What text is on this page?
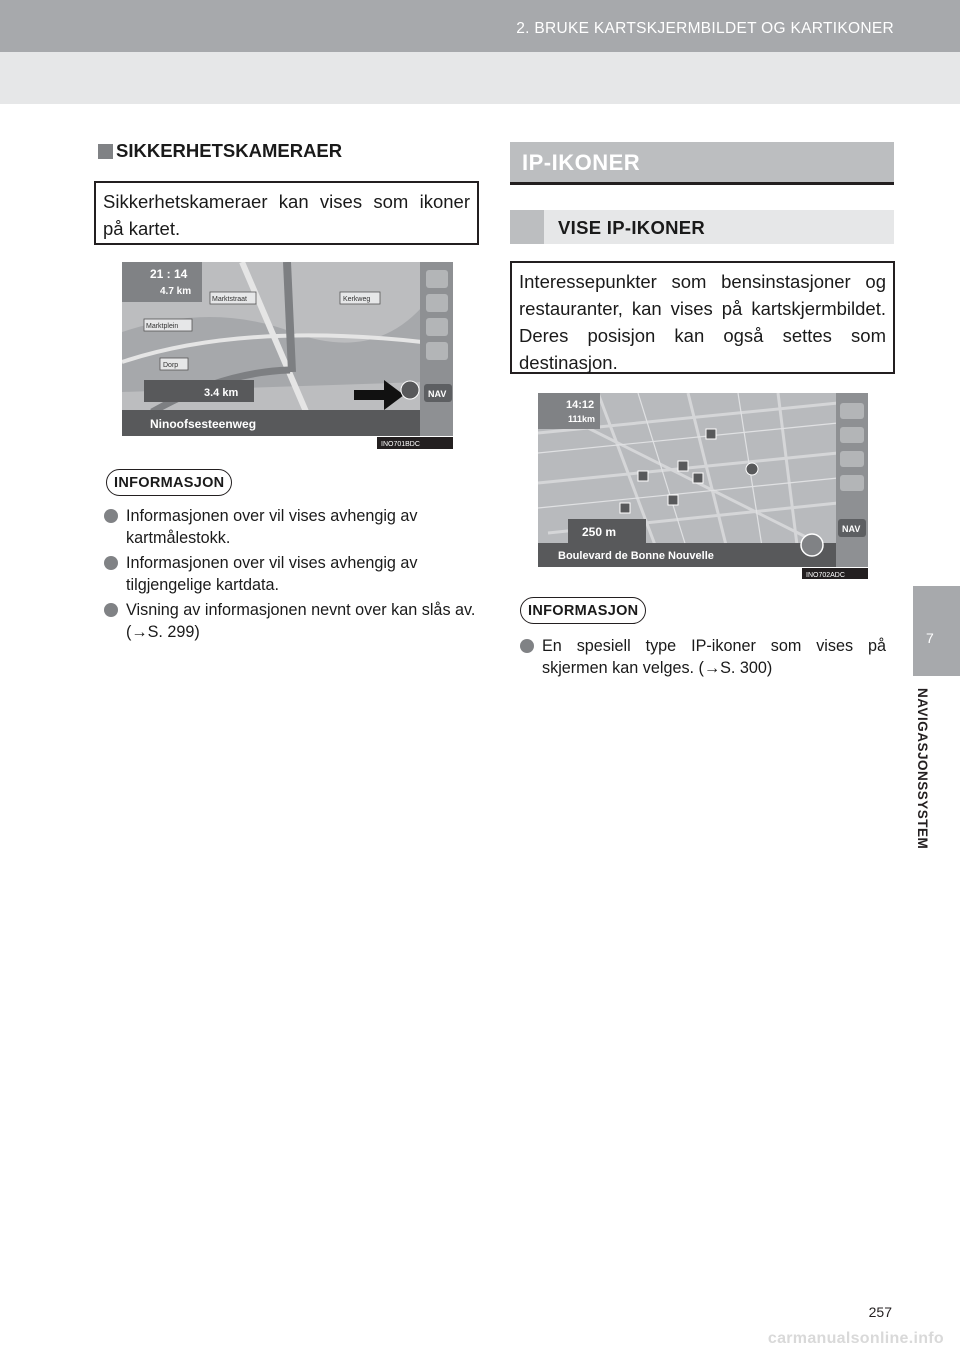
2. BRUKE KARTSKJERMBILDET OG KARTIKONER
7
NAVIGASJONSSYSTEM
SIKKERHETSKAMERAER
Sikkerhetskameraer kan vises som ikoner på kartet.
21 : 14
4.7 km
Marktstraat	Kerkweg
Marktplein
Dorp
NAV
3.4 km
Ninoofsesteenweg
INO701BDC
INFORMASJON
Informasjonen over vil vises avhengig av kartmålestokk.
Informasjonen over vil vises avhengig av tilgjengelige kartdata.
Visning av informasjonen nevnt over kan slås av. (→S. 299)
IP-IKONER
VISE IP-IKONER
Interessepunkter som bensinstasjoner og restauranter, kan vises på kartskjermbildet. Deres posisjon kan også settes som destinasjon.
14:12
111km
NAV
250 m
Boulevard de Bonne Nouvelle
INO702ADC
INFORMASJON
En spesiell type IP-ikoner som vises på skjermen kan velges. (→S. 300)
257
carmanualsonline.info
